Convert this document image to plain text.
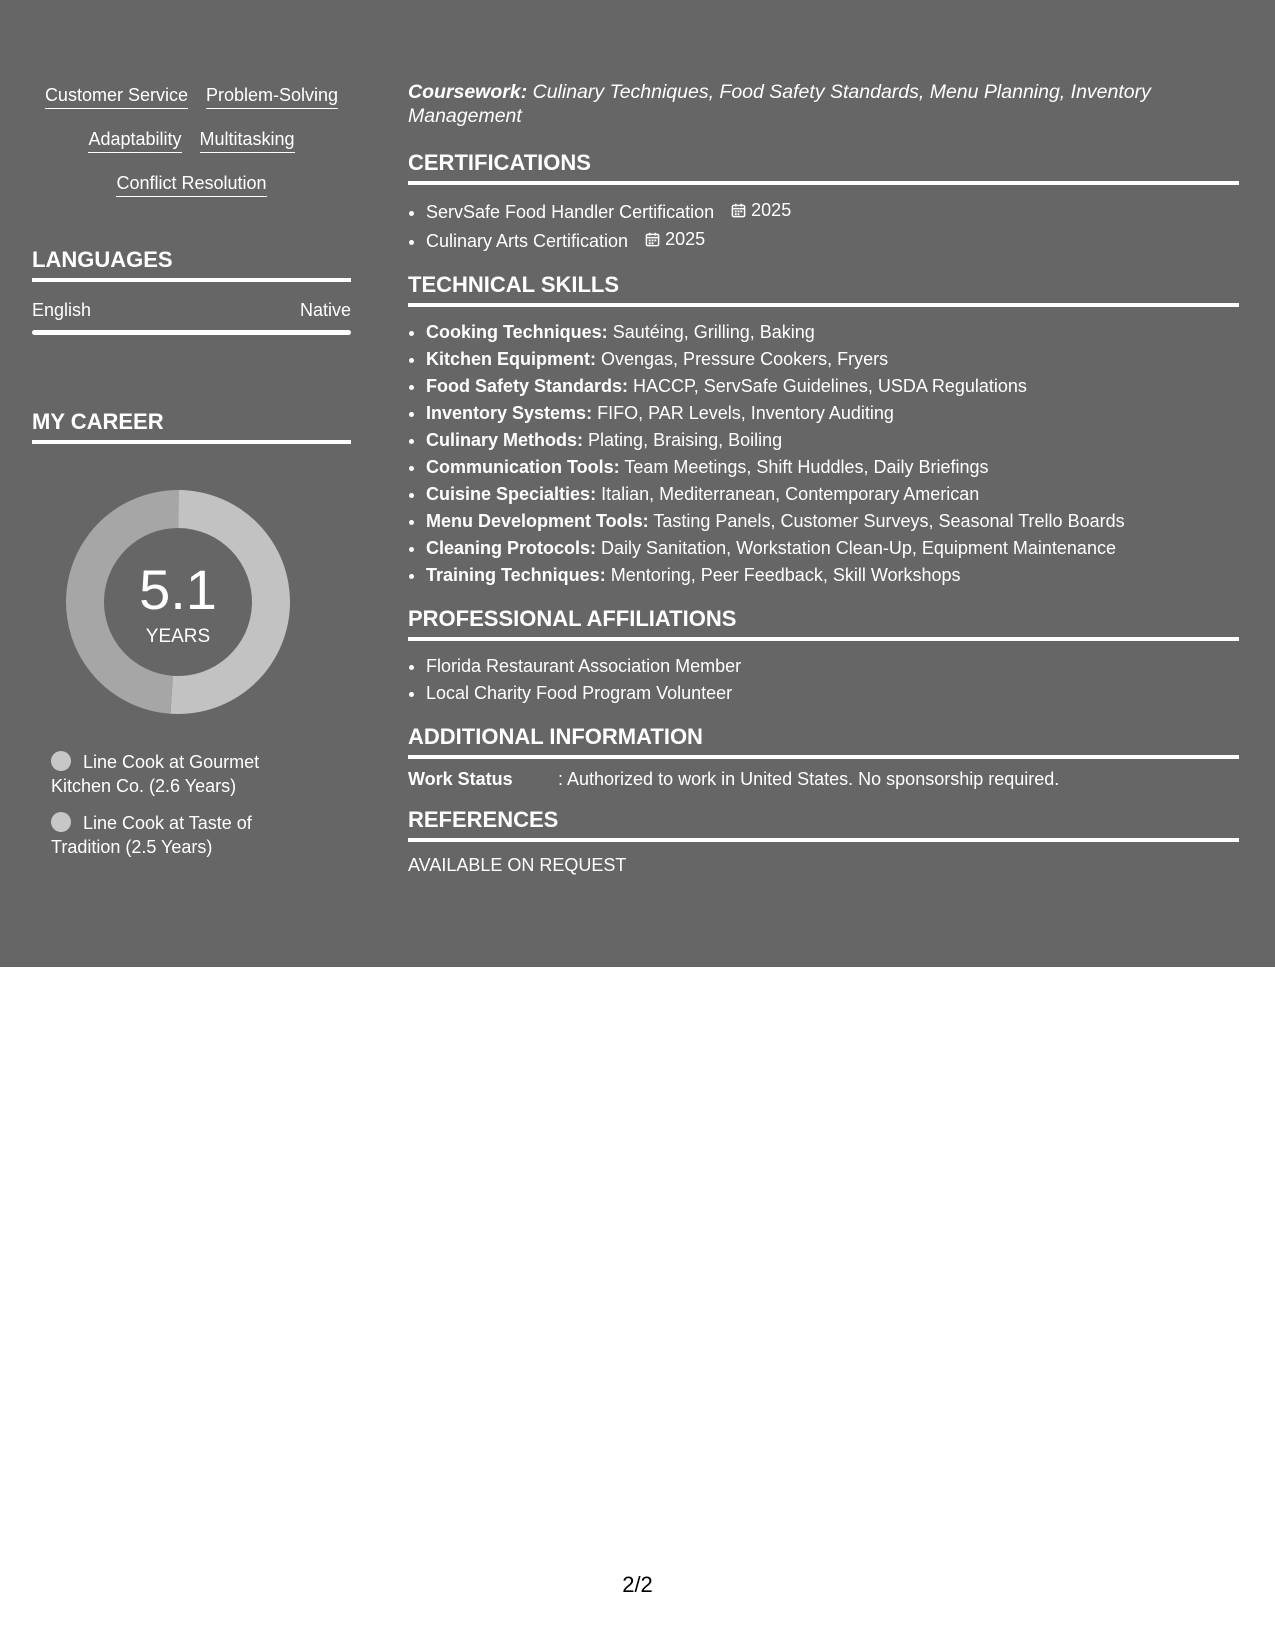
Customer Service Problem-Solving
Adaptability Multitasking
Conflict Resolution
LANGUAGES
English	Native
MY CAREER
5.1
YEARS
Line Cook at Gourmet Kitchen Co. (2.6 Years)
Line Cook at Taste of Tradition (2.5 Years)

Coursework: Culinary Techniques, Food Safety Standards, Menu Planning, Inventory Management

CERTIFICATIONS
• ServSafe Food Handler Certification 2025
• Culinary Arts Certification 2025
TECHNICAL SKILLS
• Cooking Techniques: Sautéing, Grilling, Baking
• Kitchen Equipment: Ovengas, Pressure Cookers, Fryers
• Food Safety Standards: HACCP, ServSafe Guidelines, USDA Regulations
• Inventory Systems: FIFO, PAR Levels, Inventory Auditing
• Culinary Methods: Plating, Braising, Boiling
• Communication Tools: Team Meetings, Shift Huddles, Daily Briefings
• Cuisine Specialties: Italian, Mediterranean, Contemporary American
• Menu Development Tools: Tasting Panels, Customer Surveys, Seasonal Trello Boards
• Cleaning Protocols: Daily Sanitation, Workstation Clean-Up, Equipment Maintenance
• Training Techniques: Mentoring, Peer Feedback, Skill Workshops
PROFESSIONAL AFFILIATIONS
• Florida Restaurant Association Member
• Local Charity Food Program Volunteer
ADDITIONAL INFORMATION
Work Status	: Authorized to work in United States. No sponsorship required.
REFERENCES
AVAILABLE ON REQUEST
2/2
